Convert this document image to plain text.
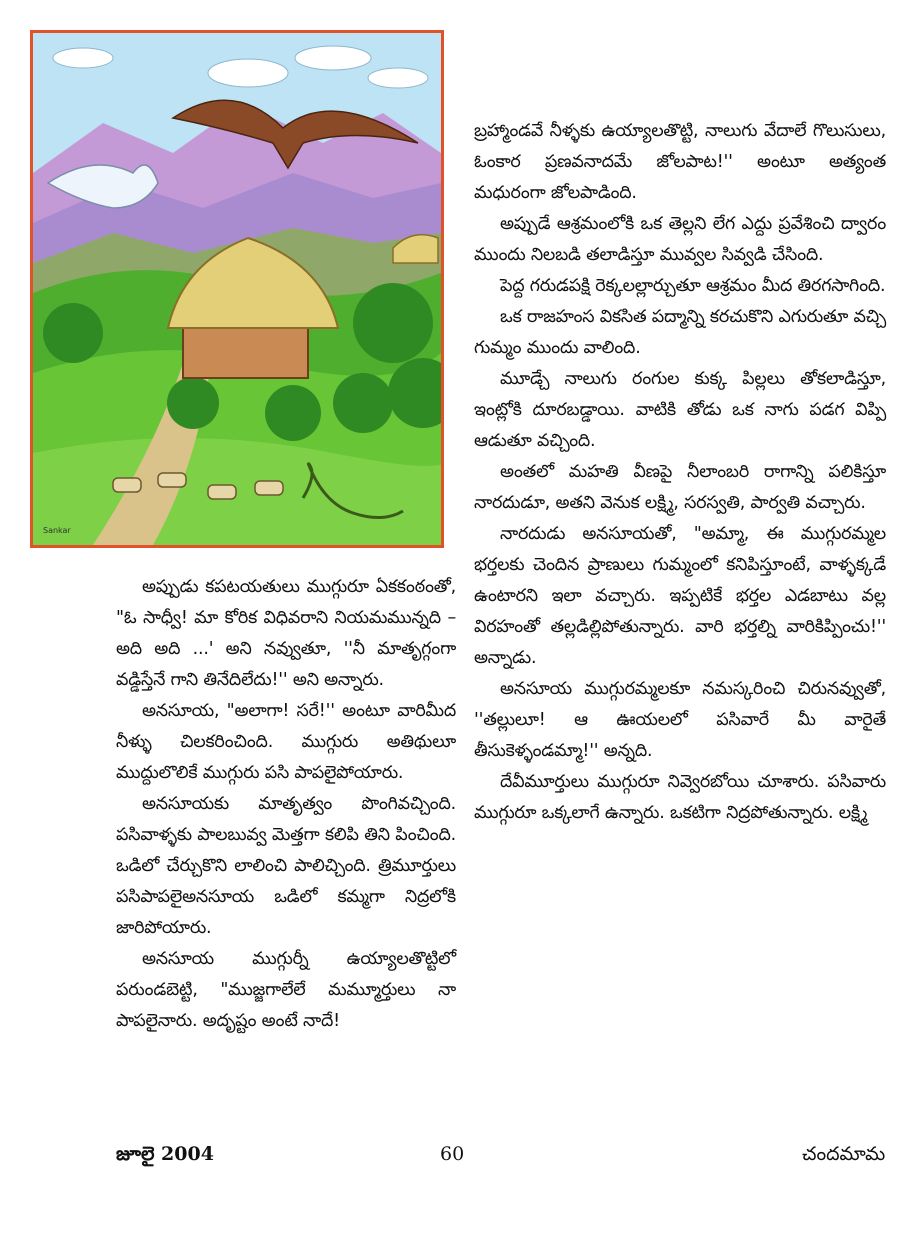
Sankar

బ్రహ్మాండవే నీళ్ళకు ఉయ్యాలతొట్టి, నాలుగు వేదాలే గొలుసులు, ఓంకార ప్రణవనాదమే జోలపాట!'' అంటూ అత్యంత మధురంగా జోలపాడింది.

అప్పుడే ఆశ్రమంలోకి ఒక తెల్లని లేగ ఎద్దు ప్రవేశించి ద్వారం ముందు నిలబడి తలాడిస్తూ మువ్వల సివ్వడి చేసింది.

పెద్ద గరుడపక్షి రెక్కలల్లార్చుతూ ఆశ్రమం మీద తిరగసాగింది.

ఒక రాజహంస వికసిత పద్మాన్ని కరచుకొని ఎగురుతూ వచ్చి గుమ్మం ముందు వాలింది.

మూడ్చే నాలుగు రంగుల కుక్క పిల్లలు తోకలాడిస్తూ, ఇంట్లోకి దూరబడ్డాయి. వాటికి తోడు ఒక నాగు పడగ విప్పి ఆడుతూ వచ్చింది.

అంతలో మహతి వీణపై నీలాంబరి రాగాన్ని పలికిస్తూ నారదుడూ, అతని వెనుక లక్ష్మి, సరస్వతి, పార్వతి వచ్చారు.

నారదుడు అనసూయతో, "అమ్మా, ఈ ముగ్గురమ్మల భర్తలకు చెందిన ప్రాణులు గుమ్మంలో కనిపిస్తూంటే, వాళ్ళక్కడే ఉంటారని ఇలా వచ్చారు. ఇప్పటికే భర్తల ఎడబాటు వల్ల విరహంతో తల్లడిల్లిపోతున్నారు. వారి భర్తల్ని వారికిప్పించు!'' అన్నాడు.

అనసూయ ముగ్గురమ్మలకూ నమస్కరించి చిరునవ్వుతో, ''తల్లులూ! ఆ ఊయలలో పసివారే మీ వారైతే తీసుకెళ్ళండమ్మా!'' అన్నది.

దేవీమూర్తులు ముగ్గురూ నివ్వెరబోయి చూశారు. పసివారు ముగ్గురూ ఒక్కలాగే ఉన్నారు. ఒకటిగా నిద్రపోతున్నారు. లక్ష్మి

అప్పుడు కపటయతులు ముగ్గురూ ఏకకంఠంతో, "ఓ సాధ్వీ! మా కోరిక విధివరాని నియమమున్నది – అది అది ...' అని నవ్వుతూ, ''నీ మాతృగ్గంగా వడ్డిస్తేనే గాని తినేదిలేదు!'' అని అన్నారు.

అనసూయ, "అలాగా! సరే!'' అంటూ వారిమీద నీళ్ళు చిలకరించింది. ముగ్గురు అతిథులూ ముద్దులొలికే ముగ్గురు పసి పాపలైపోయారు.

అనసూయకు మాతృత్వం పొంగివచ్చింది. పసివాళ్ళకు పాలబువ్వ మెత్తగా కలిపి తిని పించింది. ఒడిలో చేర్చుకొని లాలించి పాలిచ్చింది. త్రిమూర్తులు పసిపాపలైఅనసూయ ఒడిలో కమ్మగా నిద్రలోకి జారిపోయారు.

అనసూయ ముగ్గుర్నీ ఉయ్యాలతొట్టిలో పరుండబెట్టి, "ముజ్జగాలేలే మమ్మూర్తులు నా పాపలైనారు. అదృష్టం అంటే నాదే!

జూలై 2004	60	చందమామ
